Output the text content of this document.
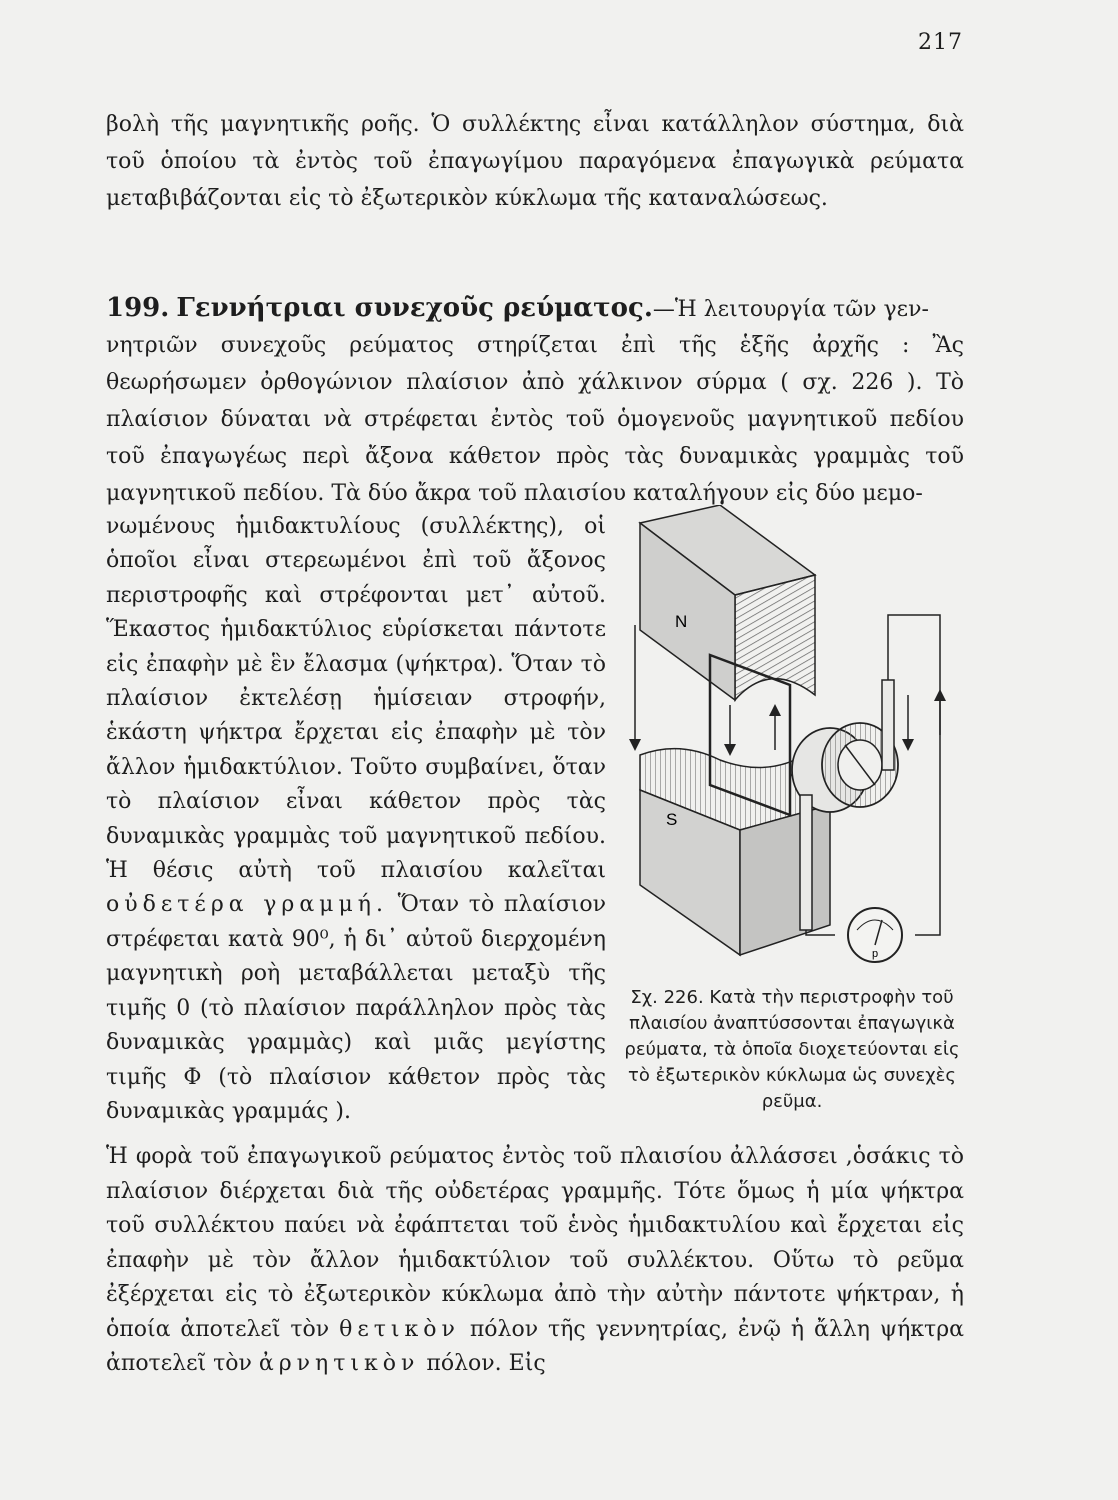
217

βολὴ τῆς μαγνητικῆς ροῆς. Ὁ συλλέκτης εἶναι κατάλληλον σύστημα, διὰ τοῦ ὁποίου τὰ ἐντὸς τοῦ ἐπαγωγίμου παραγόμενα ἐπαγωγικὰ ρεύματα μεταβιβάζονται εἰς τὸ ἐξωτερικὸν κύκλωμα τῆς καταναλώσεως.

199. Γεννήτριαι συνεχοῦς ρεύματος.—Ἡ λειτουργία τῶν γεν-

νητριῶν συνεχοῦς ρεύματος στηρίζεται ἐπὶ τῆς ἑξῆς ἀρχῆς : Ἂς θεωρήσωμεν ὀρθογώνιον πλαίσιον ἀπὸ χάλκινον σύρμα ( σχ. 226 ). Τὸ πλαίσιον δύναται νὰ στρέφεται ἐντὸς τοῦ ὁμογενοῦς μαγνητικοῦ πεδίου τοῦ ἐπαγωγέως περὶ ἄξονα κάθετον πρὸς τὰς δυναμικὰς γραμμὰς τοῦ μαγνητικοῦ πεδίου. Τὰ δύο ἄκρα τοῦ πλαισίου καταλήγουν εἰς δύο μεμο-

νωμένους ἡμιδακτυλίους (συλλέκτης), οἱ ὁποῖοι εἶναι στερεωμένοι ἐπὶ τοῦ ἄξονος περιστροφῆς καὶ στρέφονται μετ᾽ αὐτοῦ. Ἕκαστος ἡμιδακτύλιος εὑρίσκεται πάντοτε εἰς ἐπαφὴν μὲ ἓν ἔλασμα (ψήκτρα). Ὅταν τὸ πλαίσιον ἐκτελέσῃ ἡμίσειαν στροφήν, ἑκάστη ψήκτρα ἔρχεται εἰς ἐπαφὴν μὲ τὸν ἄλλον ἡμιδακτύλιον. Τοῦτο συμβαίνει, ὅταν τὸ πλαίσιον εἶναι κάθετον πρὸς τὰς δυναμικὰς γραμμὰς τοῦ μαγνητικοῦ πεδίου. Ἡ θέσις αὐτὴ τοῦ πλαισίου καλεῖται οὐδετέρα γραμμή. Ὅταν τὸ πλαίσιον στρέφεται κατὰ 90⁰, ἡ δι᾽ αὐτοῦ διερχομένη μαγνητικὴ ροὴ μεταβάλλεται μεταξὺ τῆς τιμῆς 0 (τὸ πλαίσιον παράλληλον πρὸς τὰς δυναμικὰς γραμμὰς) καὶ μιᾶς μεγίστης τιμῆς Φ (τὸ πλαίσιον κάθετον πρὸς τὰς δυναμικὰς γραμμάς ).

N
S
p
Σχ. 226. Κατὰ τὴν περιστροφὴν τοῦ πλαισίου ἀναπτύσσονται ἐπαγωγικὰ ρεύματα, τὰ ὁποῖα διοχετεύονται εἰς τὸ ἐξωτερικὸν κύκλωμα ὡς συνεχὲς ρεῦμα.

Ἡ φορὰ τοῦ ἐπαγωγικοῦ ρεύματος ἐντὸς τοῦ πλαισίου ἀλλάσσει ,ὁσάκις τὸ πλαίσιον διέρχεται διὰ τῆς οὐδετέρας γραμμῆς. Τότε ὅμως ἡ μία ψήκτρα τοῦ συλλέκτου παύει νὰ ἐφάπτεται τοῦ ἑνὸς ἡμιδακτυλίου καὶ ἔρχεται εἰς ἐπαφὴν μὲ τὸν ἄλλον ἡμιδακτύλιον τοῦ συλλέκτου. Οὕτω τὸ ρεῦμα ἐξέρχεται εἰς τὸ ἐξωτερικὸν κύκλωμα ἀπὸ τὴν αὐτὴν πάντοτε ψήκτραν, ἡ ὁποία ἀποτελεῖ τὸν θετικὸν πόλον τῆς γεννητρίας, ἐνῷ ἡ ἄλλη ψήκτρα ἀποτελεῖ τὸν ἀρνητικὸν πόλον. Εἰς
